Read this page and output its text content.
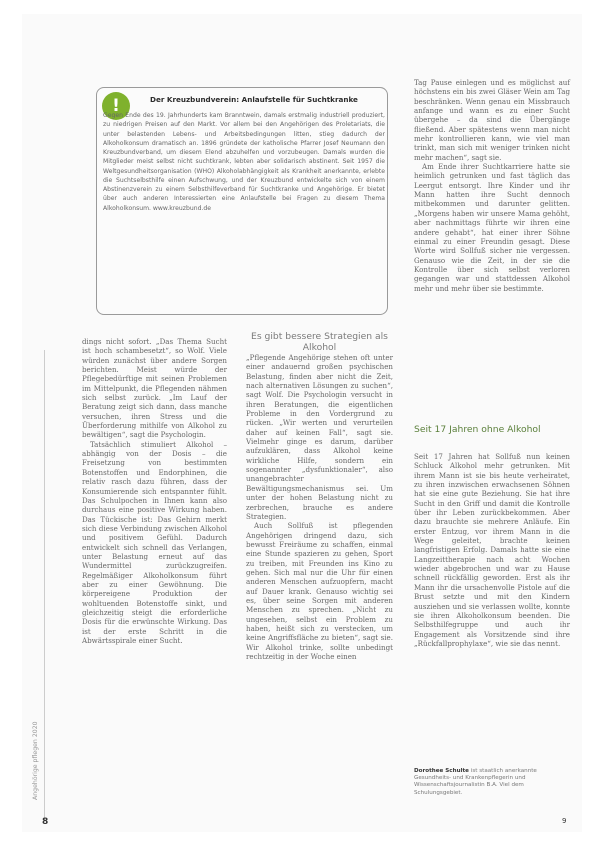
Angehörige pflegen 2020
!	Der Kreuzbundverein: Anlaufstelle für Suchtkranke
Gegen Ende des 19. Jahrhunderts kam Branntwein, damals erstmalig industriell produziert, zu niedrigen Preisen auf den Markt. Vor allem bei den Angehörigen des Proletariats, die unter belastenden Lebens- und Arbeitsbedingungen litten, stieg dadurch der Alkoholkonsum dramatisch an. 1896 gründete der katholische Pfarrer Josef Neumann den Kreuzbundverband, um diesem Elend abzuhelfen und vorzubeugen. Damals wurden die Mitglieder meist selbst nicht suchtkrank, lebten aber solidarisch abstinent. Seit 1957 die Weltgesundheitsorganisation (WHO) Alkoholabhängigkeit als Krankheit anerkannte, erlebte die Suchtselbsthilfe einen Aufschwung, und der Kreuzbund entwickelte sich von einem Abstinenzverein zu einem Selbsthilfeverband für Suchtkranke und Angehörige. Er bietet über auch anderen Interessierten eine Anlaufstelle bei Fragen zu diesem Thema Alkoholkonsum. www.kreuzbund.de

dings nicht sofort. „Das Thema Sucht ist hoch schambesetzt“, so Wolf. Viele würden zunächst über andere Sorgen berichten. Meist würde der Pflegebedürftige mit seinen Problemen im Mittelpunkt, die Pflegenden nähmen sich selbst zurück. „Im Lauf der Beratung zeigt sich dann, dass manche versuchen, ihren Stress und die Überforderung mithilfe von Alkohol zu bewältigen“, sagt die Psychologin.

Tatsächlich stimuliert Alkohol – abhängig von der Dosis – die Freisetzung von bestimmten Botenstoffen und Endorphinen, die relativ rasch dazu führen, dass der Konsumierende sich entspannter fühlt. Das Schulpochen in Ihnen kann also durchaus eine positive Wirkung haben. Das Tückische ist: Das Gehirn merkt sich diese Verbindung zwischen Alkohol und positivem Gefühl. Dadurch entwickelt sich schnell das Verlangen, unter Belastung erneut auf das Wundermittel zurückzugreifen. Regelmäßiger Alkoholkonsum führt aber zu einer Gewöhnung. Die körpereigene Produktion der wohltuenden Botenstoffe sinkt, und gleichzeitig steigt die erforderliche Dosis für die erwünschte Wirkung. Das ist der erste Schritt in die Abwärtsspirale einer Sucht.

Es gibt bessere Strategien als Alkohol

„Pflegende Angehörige stehen oft unter einer andauernd großen psychischen Belastung, finden aber nicht die Zeit, nach alternativen Lösungen zu suchen“, sagt Wolf. Die Psychologin versucht in ihren Beratungen, die eigentlichen Probleme in den Vordergrund zu rücken. „Wir werten und verurteilen daher auf keinen Fall“, sagt sie. Vielmehr ginge es darum, darüber aufzuklären, dass Alkohol keine wirkliche Hilfe, sondern ein sogenannter „dysfunktionaler“, also unangebrachter Bewältigungsmechanismus sei. Um unter der hohen Belastung nicht zu zerbrechen, brauche es andere Strategien.

Auch Sollfuß ist pflegenden Angehörigen dringend dazu, sich bewusst Freiräume zu schaffen, einmal eine Stunde spazieren zu gehen, Sport zu treiben, mit Freunden ins Kino zu gehen. Sich mal nur die Uhr für einen anderen Menschen aufzuopfern, macht auf Dauer krank. Genauso wichtig sei es, über seine Sorgen mit anderen Menschen zu sprechen. „Nicht zu ungesehen, selbst ein Problem zu haben, heißt sich zu verstecken, um keine Angriffsfläche zu bieten“, sagt sie. Wir Alkohol trinke, sollte unbedingt rechtzeitig in der Woche einen

Tag Pause einlegen und es möglichst auf höchstens ein bis zwei Gläser Wein am Tag beschränken. Wenn genau ein Missbrauch anfange und wann es zu einer Sucht übergehe – da sind die Übergänge fließend. Aber spätestens wenn man nicht mehr kontrollieren kann, wie viel man trinkt, man sich mit weniger trinken nicht mehr machen“, sagt sie.

Am Ende ihrer Suchtkarriere hatte sie heimlich getrunken und fast täglich das Leergut entsorgt. Ihre Kinder und ihr Mann hatten ihre Sucht dennoch mitbekommen und darunter gelitten. „Morgens haben wir unsere Mama gehöht, aber nachmittags führte wir ihren eine andere gehabt“, hat einer ihrer Söhne einmal zu einer Freundin gesagt. Diese Worte wird Sollfuß sicher nie vergessen. Genauso wie die Zeit, in der sie die Kontrolle über sich selbst verloren gegangen war und stattdessen Alkohol mehr und mehr über sie bestimmte.

Seit 17 Jahren ohne Alkohol

Seit 17 Jahren hat Sollfuß nun keinen Schluck Alkohol mehr getrunken. Mit ihrem Mann ist sie bis heute verheiratet, zu ihren inzwischen erwachsenen Söhnen hat sie eine gute Beziehung. Sie hat ihre Sucht in den Griff und damit die Kontrolle über ihr Leben zurückbekommen. Aber dazu brauchte sie mehrere Anläufe. Ein erster Entzug, vor ihrem Mann in die Wege geleitet, brachte keinen langfristigen Erfolg. Damals hatte sie eine Langzeittherapie nach acht Wochen wieder abgebrochen und war zu Hause schnell rückfällig geworden. Erst als ihr Mann ihr die ursachenvolle Pistole auf die Brust setzte und mit den Kindern ausziehen und sie verlassen wollte, konnte sie ihren Alkoholkonsum beenden. Die Selbsthilfegruppe und auch ihr Engagement als Vorsitzende sind ihre „Rückfallprophylaxe“, wie sie das nennt.

Dorothee Schulte ist staatlich anerkannte Gesundheits- und Krankenpflegerin und Wissenschaftsjournalistin B.A. Viel dem Schulungsgebiet.
8	9
